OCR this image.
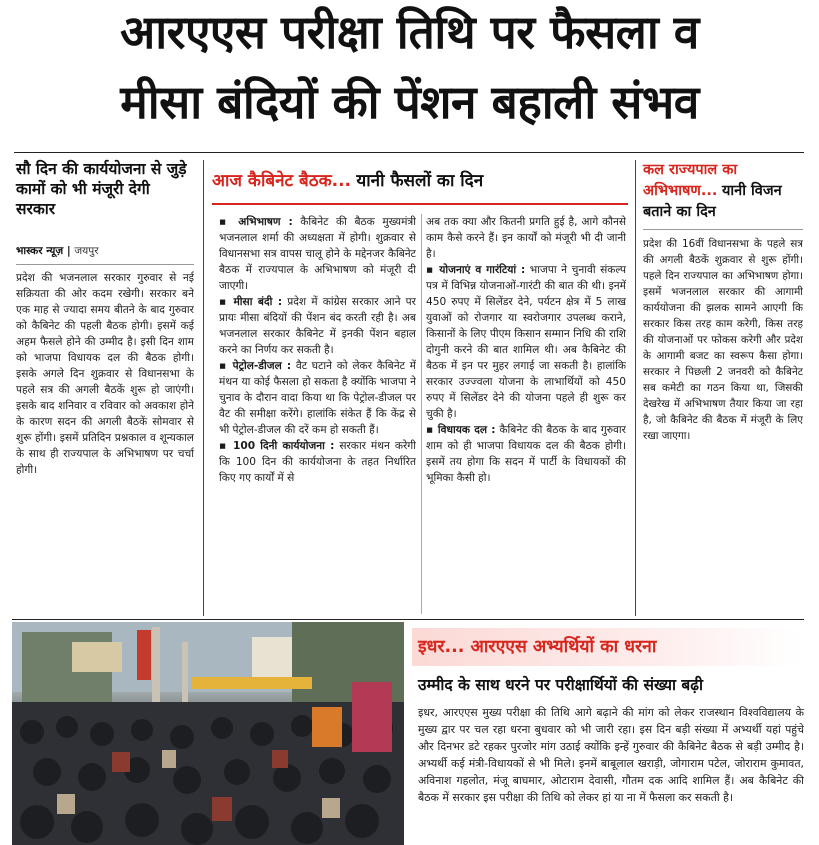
आरएएस परीक्षा तिथि पर फैसला व
मीसा बंदियों की पेंशन बहाली संभव
सौ दिन की कार्ययोजना से जुड़े कामों को भी मंजूरी देगी सरकार
भास्कर न्यूज़ | जयपुर

प्रदेश की भजनलाल सरकार गुरुवार से नई सक्रियता की ओर कदम रखेगी। सरकार बने एक माह से ज्यादा समय बीतने के बाद गुरुवार को कैबिनेट की पहली बैठक होगी। इसमें कई अहम फैसले होने की उम्मीद है। इसी दिन शाम को भाजपा विधायक दल की बैठक होगी। इसके अगले दिन शुक्रवार से विधानसभा के पहले सत्र की अगली बैठकें शुरू हो जाएंगी। इसके बाद शनिवार व रविवार को अवकाश होने के कारण सदन की अगली बैठकें सोमवार से शुरू होंगी। इसमें प्रतिदिन प्रश्नकाल व शून्यकाल के साथ ही राज्यपाल के अभिभाषण पर चर्चा होगी।

आज कैबिनेट बैठक... यानी फैसलों का दिन

▪ अभिभाषण : कैबिनेट की बैठक मुख्यमंत्री भजनलाल शर्मा की अध्यक्षता में होगी। शुक्रवार से विधानसभा सत्र वापस चालू होने के मद्देनजर कैबिनेट बैठक में राज्यपाल के अभिभाषण को मंजूरी दी जाएगी।

▪ मीसा बंदी : प्रदेश में कांग्रेस सरकार आने पर प्रायः मीसा बंदियों की पेंशन बंद करती रही है। अब भजनलाल सरकार कैबिनेट में इनकी पेंशन बहाल करने का निर्णय कर सकती है।

▪ पेट्रोल-डीजल : वैट घटाने को लेकर कैबिनेट में मंथन या कोई फैसला हो सकता है क्योंकि भाजपा ने चुनाव के दौरान वादा किया था कि पेट्रोल-डीजल पर वैट की समीक्षा करेंगे। हालांकि संकेत हैं कि केंद्र से भी पेट्रोल-डीजल की दरें कम हो सकती हैं।

▪ 100 दिनी कार्ययोजना : सरकार मंथन करेगी कि 100 दिन की कार्ययोजना के तहत निर्धारित किए गए कार्यों में से

अब तक क्या और कितनी प्रगति हुई है, आगे कौनसे काम कैसे करने हैं। इन कार्यों को मंजूरी भी दी जानी है।

▪ योजनाएं व गारंटियां : भाजपा ने चुनावी संकल्प पत्र में विभिन्न योजनाओं-गारंटी की बात की थी। इनमें 450 रुपए में सिलेंडर देने, पर्यटन क्षेत्र में 5 लाख युवाओं को रोजगार या स्वरोजगार उपलब्ध कराने, किसानों के लिए पीएम किसान सम्मान निधि की राशि दोगुनी करने की बात शामिल थी। अब कैबिनेट की बैठक में इन पर मुहर लगाई जा सकती है। हालांकि सरकार उज्ज्वला योजना के लाभार्थियों को 450 रुपए में सिलेंडर देने की योजना पहले ही शुरू कर चुकी है।

▪ विधायक दल : कैबिनेट की बैठक के बाद गुरुवार शाम को ही भाजपा विधायक दल की बैठक होगी। इसमें तय होगा कि सदन में पार्टी के विधायकों की भूमिका कैसी हो।

कल राज्यपाल का अभिभाषण... यानी विजन बताने का दिन

प्रदेश की 16वीं विधानसभा के पहले सत्र की अगली बैठकें शुक्रवार से शुरू होंगी। पहले दिन राज्यपाल का अभिभाषण होगा। इसमें भजनलाल सरकार की आगामी कार्ययोजना की झलक सामने आएगी कि सरकार किस तरह काम करेगी, किस तरह की योजनाओं पर फोकस करेगी और प्रदेश के आगामी बजट का स्वरूप कैसा होगा। सरकार ने पिछली 2 जनवरी को कैबिनेट सब कमेटी का गठन किया था, जिसकी देखरेख में अभिभाषण तैयार किया जा रहा है, जो कैबिनेट की बैठक में मंजूरी के लिए रखा जाएगा।

इधर... आरएएस अभ्यर्थियों का धरना
उम्मीद के साथ धरने पर परीक्षार्थियों की संख्या बढ़ी

इधर, आरएएस मुख्य परीक्षा की तिथि आगे बढ़ाने की मांग को लेकर राजस्थान विश्वविद्यालय के मुख्य द्वार पर चल रहा धरना बुधवार को भी जारी रहा। इस दिन बड़ी संख्या में अभ्यर्थी यहां पहुंचे और दिनभर डटे रहकर पुरजोर मांग उठाई क्योंकि इन्हें गुरुवार की कैबिनेट बैठक से बड़ी उम्मीद है। अभ्यर्थी कई मंत्री-विधायकों से भी मिले। इनमें बाबूलाल खराड़ी, जोगाराम पटेल, जोराराम कुमावत, अविनाश गहलोत, मंजू बाघमार, ओटाराम देवासी, गौतम दक आदि शामिल हैं। अब कैबिनेट की बैठक में सरकार इस परीक्षा की तिथि को लेकर हां या ना में फैसला कर सकती है।
